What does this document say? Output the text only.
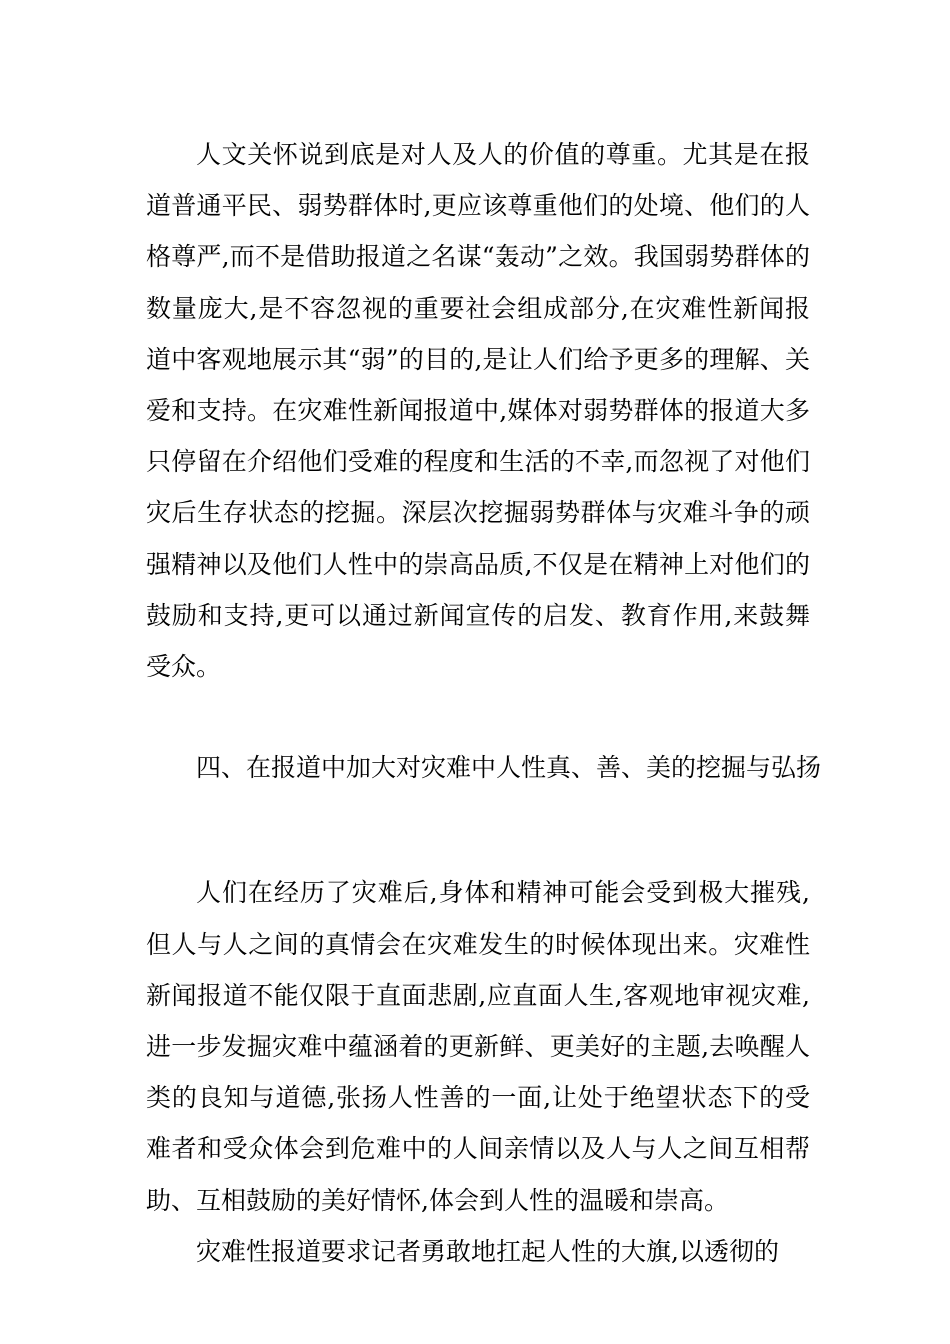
人文关怀说到底是对人及人的价值的尊重。尤其是在报道普通平民、弱势群体时,更应该尊重他们的处境、他们的人格尊严,而不是借助报道之名谋“轰动”之效。我国弱势群体的数量庞大,是不容忽视的重要社会组成部分,在灾难性新闻报道中客观地展示其“弱”的目的,是让人们给予更多的理解、关爱和支持。在灾难性新闻报道中,媒体对弱势群体的报道大多只停留在介绍他们受难的程度和生活的不幸,而忽视了对他们灾后生存状态的挖掘。深层次挖掘弱势群体与灾难斗争的顽强精神以及他们人性中的崇高品质,不仅是在精神上对他们的鼓励和支持,更可以通过新闻宣传的启发、教育作用,来鼓舞受众。

四、在报道中加大对灾难中人性真、善、美的挖掘与弘扬

人们在经历了灾难后,身体和精神可能会受到极大摧残,但人与人之间的真情会在灾难发生的时候体现出来。灾难性新闻报道不能仅限于直面悲剧,应直面人生,客观地审视灾难,进一步发掘灾难中蕴涵着的更新鲜、更美好的主题,去唤醒人类的良知与道德,张扬人性善的一面,让处于绝望状态下的受难者和受众体会到危难中的人间亲情以及人与人之间互相帮助、互相鼓励的美好情怀,体会到人性的温暖和崇高。

灾难性报道要求记者勇敢地扛起人性的大旗,以透彻的
